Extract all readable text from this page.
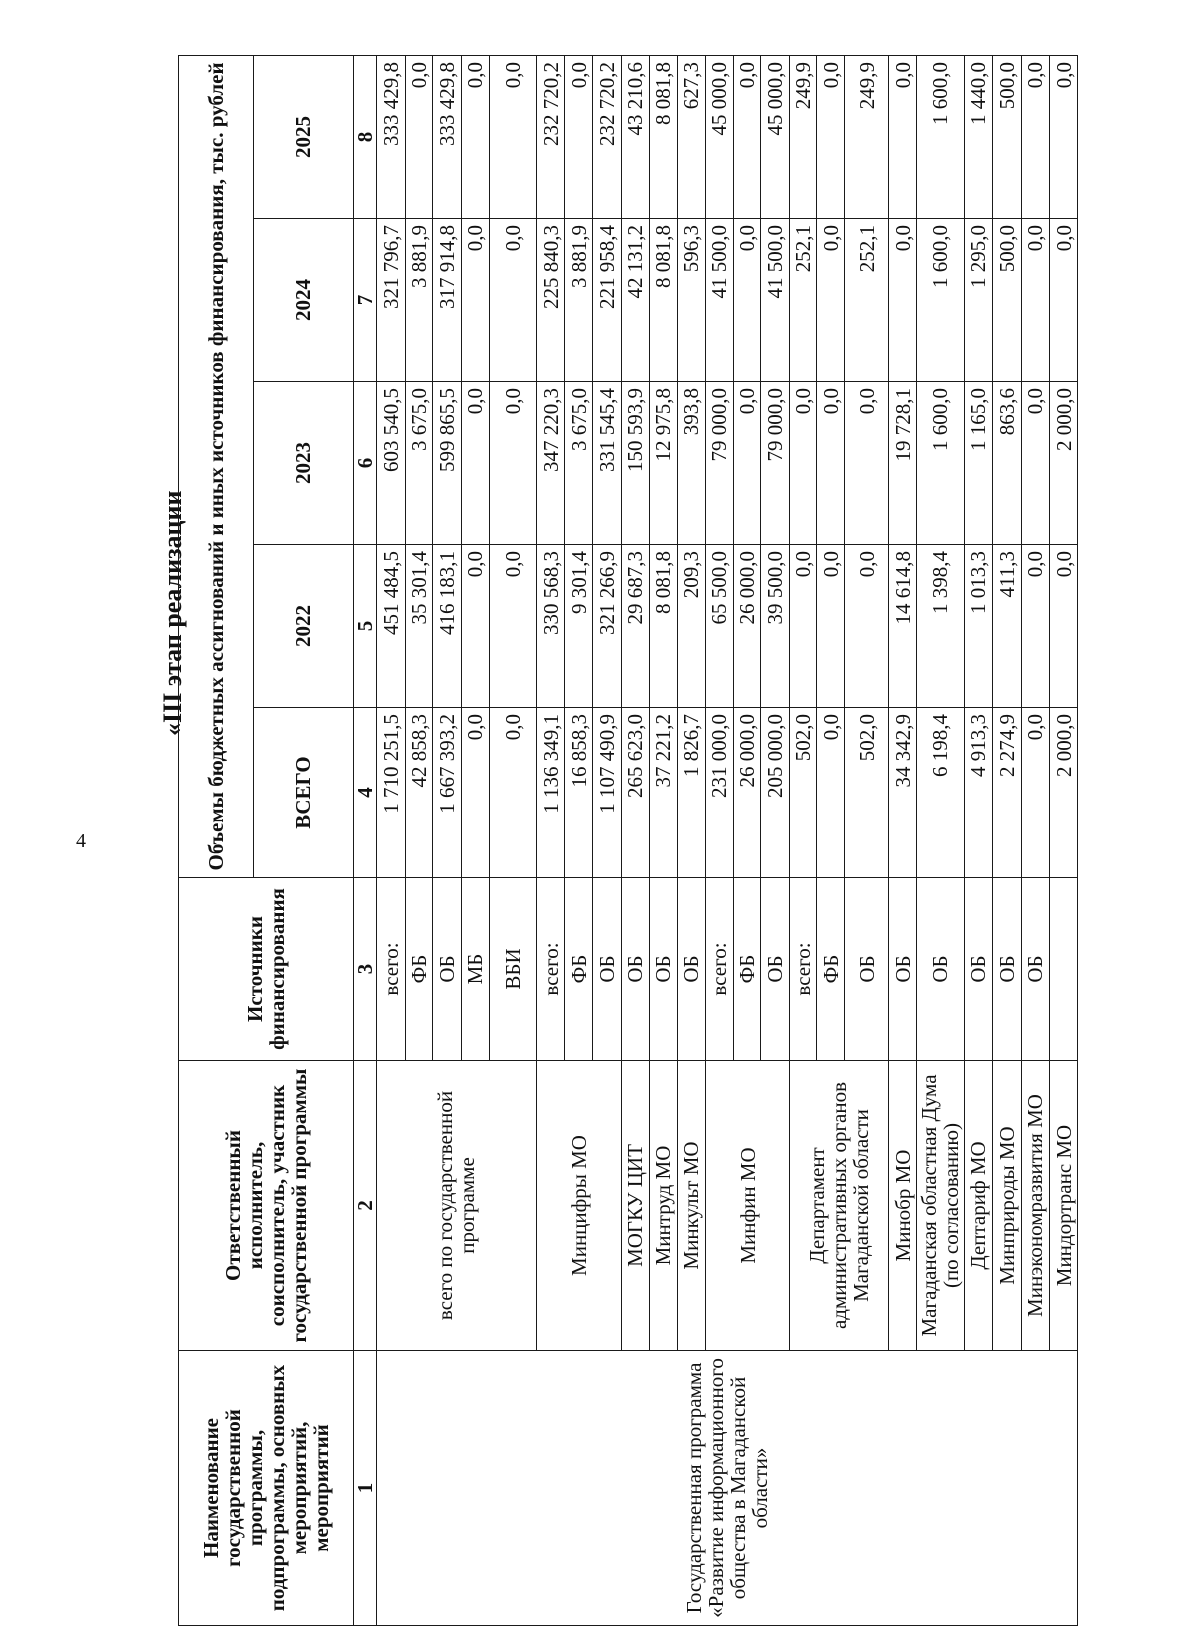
4
«III этап реализации
Наименование государственной программы, подпрограммы, основных мероприятий, мероприятий	Ответственный исполнитель, соисполнитель, участник государственной программы	Источники финансирования	Объемы бюджетных ассигнований и иных источников финансирования, тыс. рублей				
			ВСЕГО	2022	2023	2024	2025
1	2	3	4	5	6	7	8
Государственная программа «Развитие информационного общества в Магаданской области»	всего по государственной программе	всего:	1 710 251,5	451 484,5	603 540,5	321 796,7	333 429,8
		ФБ	42 858,3	35 301,4	3 675,0	3 881,9	0,0
		ОБ	1 667 393,2	416 183,1	599 865,5	317 914,8	333 429,8
		МБ	0,0	0,0	0,0	0,0	0,0
		ВБИ	0,0	0,0	0,0	0,0	0,0
	Минцифры МО	всего:	1 136 349,1	330 568,3	347 220,3	225 840,3	232 720,2
		ФБ	16 858,3	9 301,4	3 675,0	3 881,9	0,0
		ОБ	1 107 490,9	321 266,9	331 545,4	221 958,4	232 720,2
	МОГКУ ЦИТ	ОБ	265 623,0	29 687,3	150 593,9	42 131,2	43 210,6
	Минтруд МО	ОБ	37 221,2	8 081,8	12 975,8	8 081,8	8 081,8
	Минкульт МО	ОБ	1 826,7	209,3	393,8	596,3	627,3
	Минфин МО	всего:	231 000,0	65 500,0	79 000,0	41 500,0	45 000,0
		ФБ	26 000,0	26 000,0	0,0	0,0	0,0
		ОБ	205 000,0	39 500,0	79 000,0	41 500,0	45 000,0
	Департамент административных органов Магаданской области	всего:	502,0	0,0	0,0	252,1	249,9
		ФБ	0,0	0,0	0,0	0,0	0,0
		ОБ	502,0	0,0	0,0	252,1	249,9
	Минобр МО	ОБ	34 342,9	14 614,8	19 728,1	0,0	0,0
	Магаданская областная Дума (по согласованию)	ОБ	6 198,4	1 398,4	1 600,0	1 600,0	1 600,0
	Дептариф МО	ОБ	4 913,3	1 013,3	1 165,0	1 295,0	1 440,0
	Минприроды МО	ОБ	2 274,9	411,3	863,6	500,0	500,0
	Минэкономразвития МО	ОБ	0,0	0,0	0,0	0,0	0,0
	Миндортранс МО		2 000,0	0,0	2 000,0	0,0	0,0
